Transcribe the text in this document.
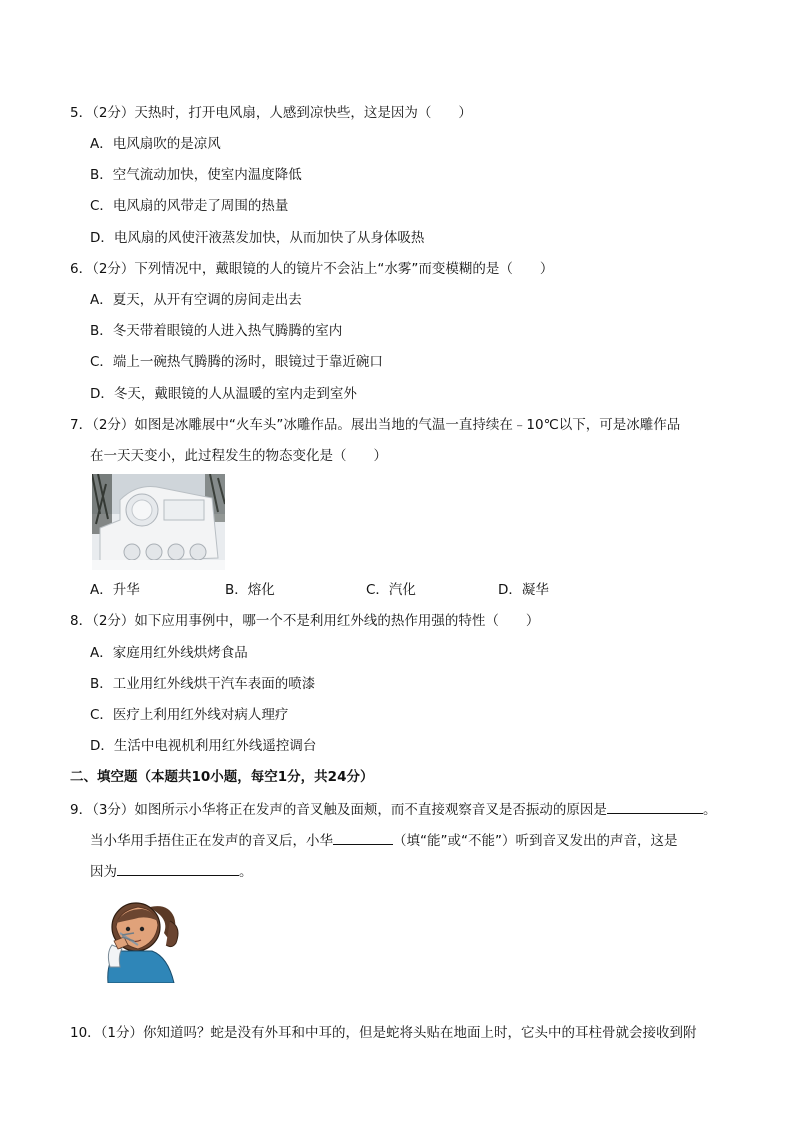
5．（2分）天热时，打开电风扇，人感到凉快些，这是因为（　　）
A．电风扇吹的是凉风
B．空气流动加快，使室内温度降低
C．电风扇的风带走了周围的热量
D．电风扇的风使汗液蒸发加快，从而加快了从身体吸热
6．（2分）下列情况中，戴眼镜的人的镜片不会沾上“水雾”而变模糊的是（　　）
A．夏天，从开有空调的房间走出去
B．冬天带着眼镜的人进入热气腾腾的室内
C．端上一碗热气腾腾的汤时，眼镜过于靠近碗口
D．冬天，戴眼镜的人从温暖的室内走到室外
7．（2分）如图是冰雕展中“火车头”冰雕作品。展出当地的气温一直持续在﹣10℃以下，可是冰雕作品
在一天天变小，此过程发生的物态变化是（　　）
A．升华	B．熔化	C．汽化	D．凝华
8．（2分）如下应用事例中，哪一个不是利用红外线的热作用强的特性（　　）
A．家庭用红外线烘烤食品
B．工业用红外线烘干汽车表面的喷漆
C．医疗上利用红外线对病人理疗
D．生活中电视机利用红外线遥控调台
二、填空题（本题共10小题，每空1分，共24分）
9．（3分）如图所示小华将正在发声的音叉触及面颊，而不直接观察音叉是否振动的原因是	。
当小华用手捂住正在发声的音叉后，小华	（填“能”或“不能”）听到音叉发出的声音，这是
因为	。
10．（1分）你知道吗？蛇是没有外耳和中耳的，但是蛇将头贴在地面上时，它头中的耳柱骨就会接收到附
